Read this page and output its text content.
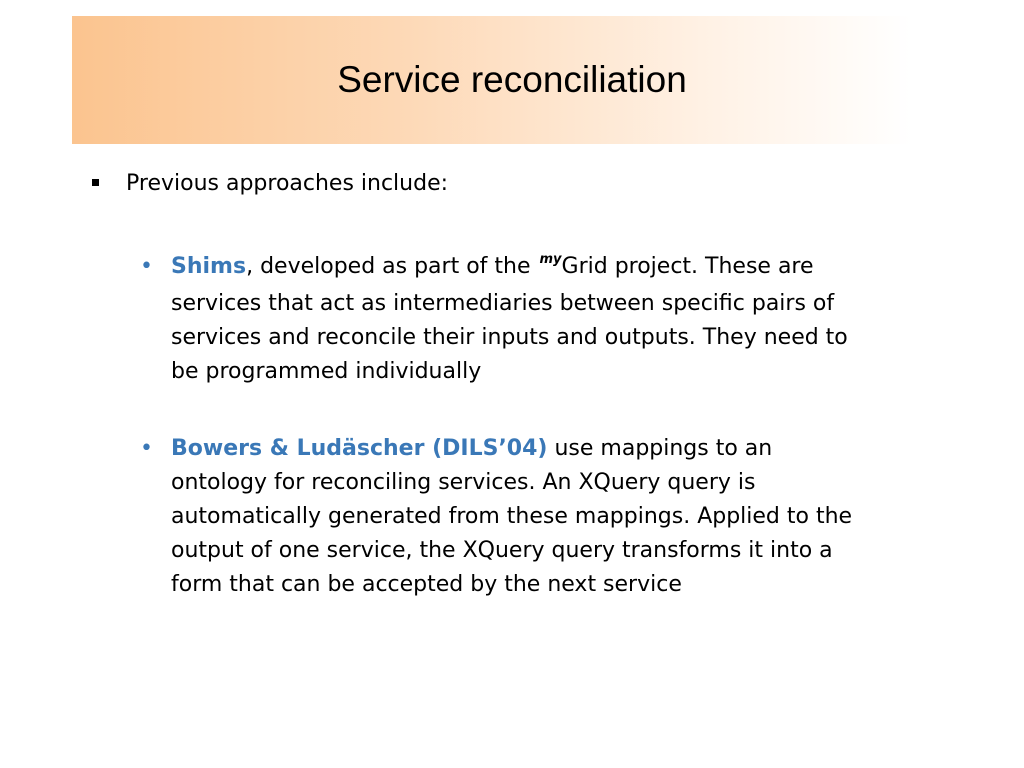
Service reconciliation
Previous approaches include:
• Shims, developed as part of the $^{my}$Grid project. These are
services that act as intermediaries between specific pairs of
services and reconcile their inputs and outputs. They need to
be programmed individually
• Bowers & Ludäscher (DILS’04) use mappings to an
ontology for reconciling services. An XQuery query is
automatically generated from these mappings. Applied to the
output of one service, the XQuery query transforms it into a
form that can be accepted by the next service
